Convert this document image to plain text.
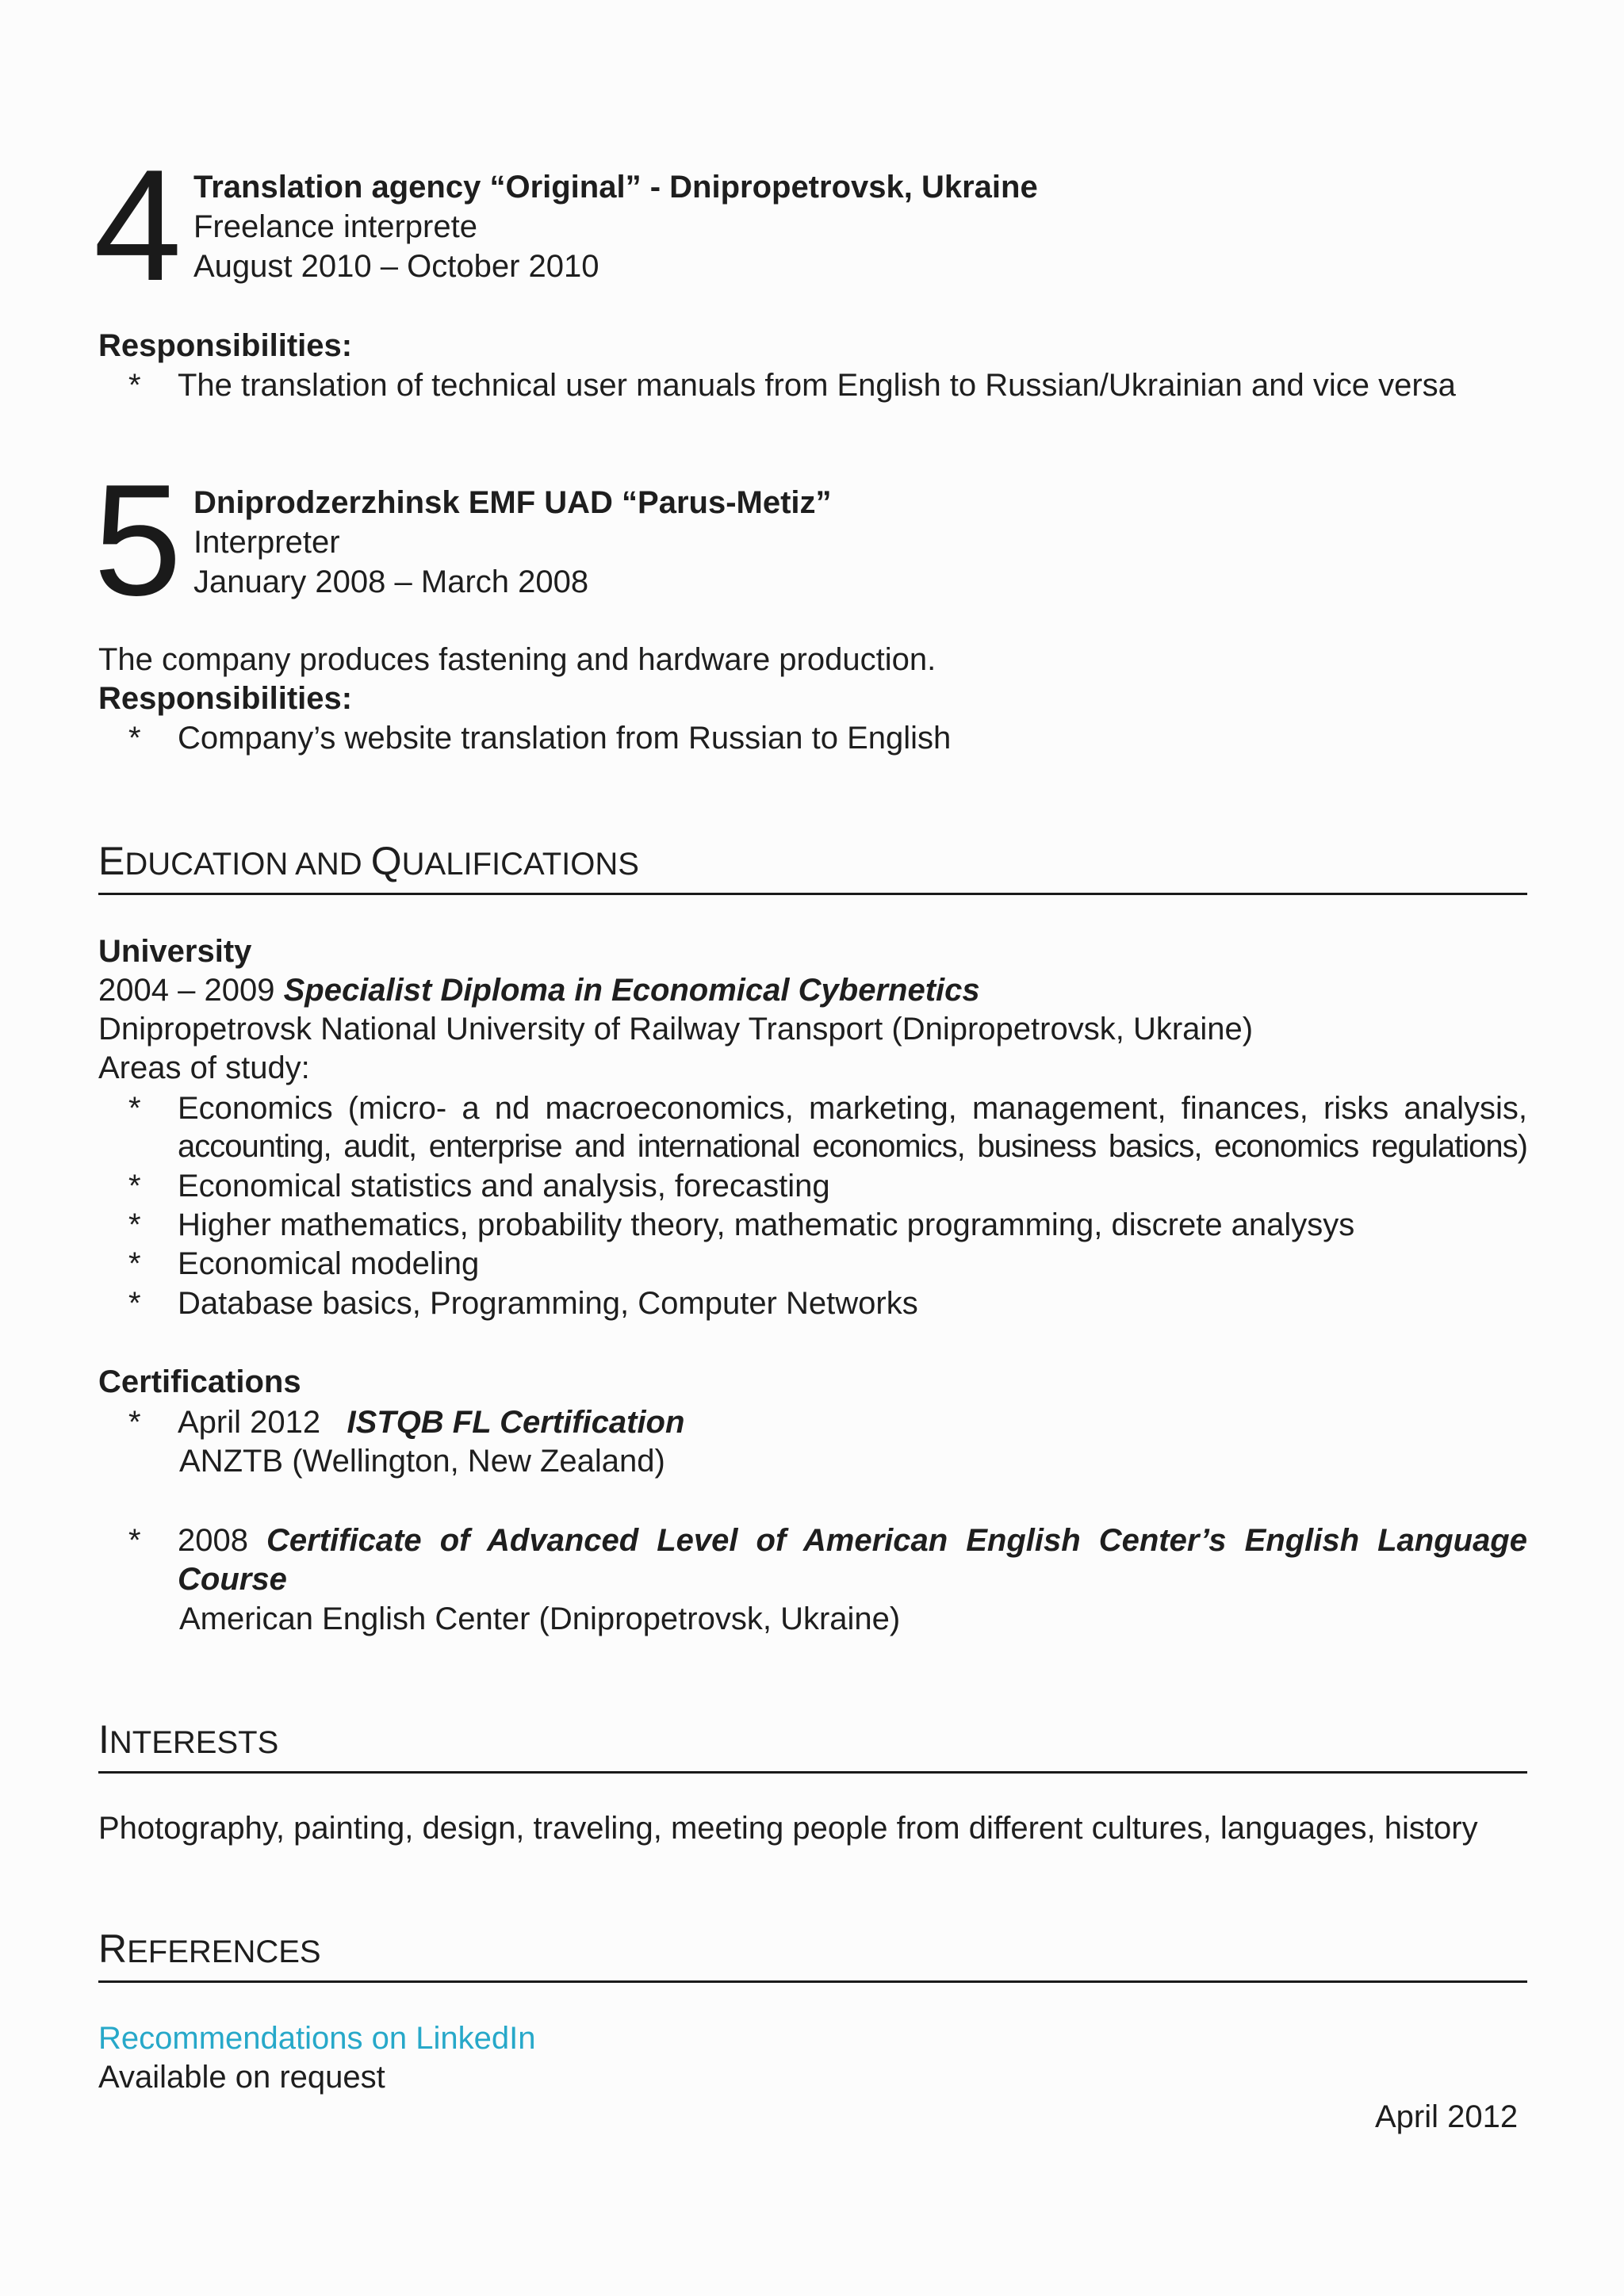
4 Translation agency “Original” - Dnipropetrovsk, Ukraine
Freelance interprete
August 2010 – October 2010
Responsibilities:
* The translation of technical user manuals from English to Russian/Ukrainian and vice versa
5 Dniprodzerzhinsk EMF UAD “Parus-Metiz”
Interpreter
January 2008 – March 2008
The company produces fastening and hardware production.
Responsibilities:
* Company’s website translation from Russian to English
EDUCATION AND QUALIFICATIONS
University
2004 – 2009 Specialist Diploma in Economical Cybernetics
Dnipropetrovsk National University of Railway Transport (Dnipropetrovsk, Ukraine)
Areas of study:
* Economics (micro- a nd macroeconomics, marketing, management, finances, risks analysis,
accounting, audit, enterprise and international economics, business basics, economics regulations)
* Economical statistics and analysis, forecasting
* Higher mathematics, probability theory, mathematic programming, discrete analysys
* Economical modeling
* Database basics, Programming, Computer Networks
Certifications
* April 2012 ISTQB FL Certification
ANZTB (Wellington, New Zealand)
* 2008 Certificate of Advanced Level of American English Center’s English Language
Course
American English Center (Dnipropetrovsk, Ukraine)
INTERESTS
Photography, painting, design, traveling, meeting people from different cultures, languages, history
REFERENCES
Recommendations on LinkedIn
Available on request
April 2012
